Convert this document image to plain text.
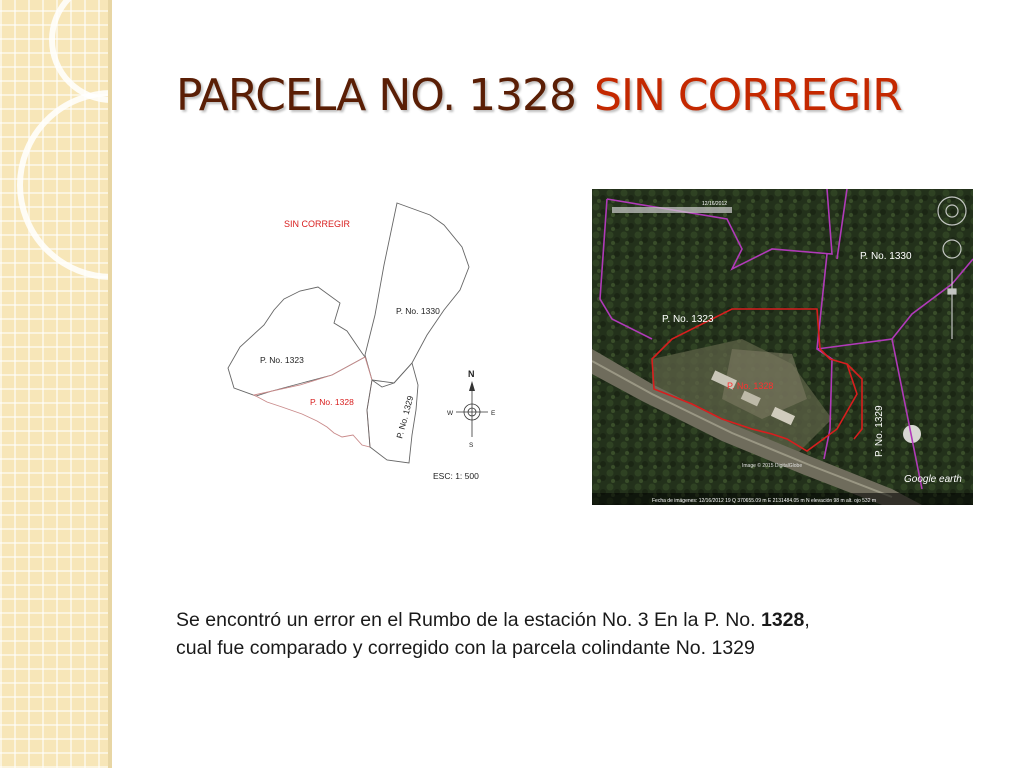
PARCELA NO. 1328 SIN CORREGIR
SIN CORREGIR
P. No. 1330
P. No. 1323
P. No. 1328	P. No. 1329
N
S
E
W
ESC: 1: 500
P. No. 1330
P. No. 1323
P. No. 1328
P. No. 1329
12/16/2012
Image © 2015 DigitalGlobe
Google earth
Fecha de imágenes: 12/16/2012 19 Q 370655.09 m E 2131484.05 m N elevación 98 m alt. ojo 532 m
Se encontró un error en el Rumbo de la estación No. 3 En la P. No. 1328,
cual fue comparado y corregido con la parcela colindante No. 1329
